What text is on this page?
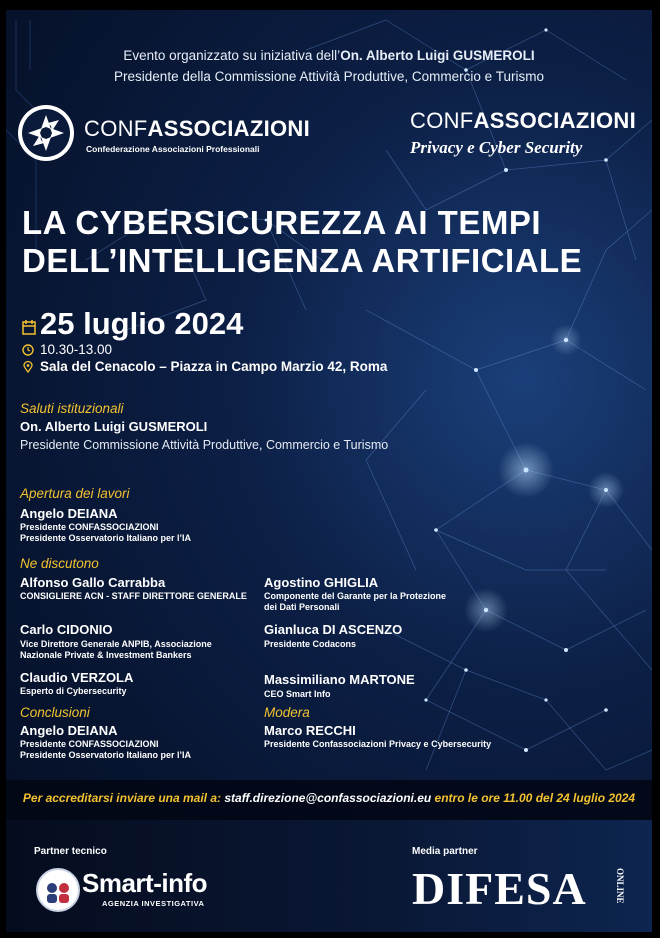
Evento organizzato su iniziativa dell’On. Alberto Luigi GUSMEROLI
Presidente della Commissione Attività Produttive, Commercio e Turismo
CONFASSOCIAZIONI
Confederazione Associazioni Professionali
CONFASSOCIAZIONI
Privacy e Cyber Security
LA CYBERSICUREZZA AI TEMPI
DELL’INTELLIGENZA ARTIFICIALE
25 luglio 2024
10.30-13.00
Sala del Cenacolo – Piazza in Campo Marzio 42, Roma
Saluti istituzionali
On. Alberto Luigi GUSMEROLI
Presidente Commissione Attività Produttive, Commercio e Turismo
Apertura dei lavori
Angelo DEIANA
Presidente CONFASSOCIAZIONI
Presidente Osservatorio Italiano per l’IA
Ne discutono
Alfonso Gallo Carrabba
CONSIGLIERE ACN - STAFF DIRETTORE GENERALE
Carlo CIDONIO
Vice Direttore Generale ANPIB, Associazione
Nazionale Private & Investment Bankers
Claudio VERZOLA
Esperto di Cybersecurity
Agostino GHIGLIA
Componente del Garante per la Protezione
dei Dati Personali
Gianluca DI ASCENZO
Presidente Codacons
Massimiliano MARTONE
CEO Smart Info
Conclusioni
Angelo DEIANA
Presidente CONFASSOCIAZIONI
Presidente Osservatorio Italiano per l’IA
Modera
Marco RECCHI
Presidente Confassociazioni Privacy e Cybersecurity
Per accreditarsi inviare una mail a: staff.direzione@confassociazioni.eu entro le ore 11.00 del 24 luglio 2024
Partner tecnico
Smart-info
AGENZIA INVESTIGATIVA
Media partner
DIFESA	ONLINE
